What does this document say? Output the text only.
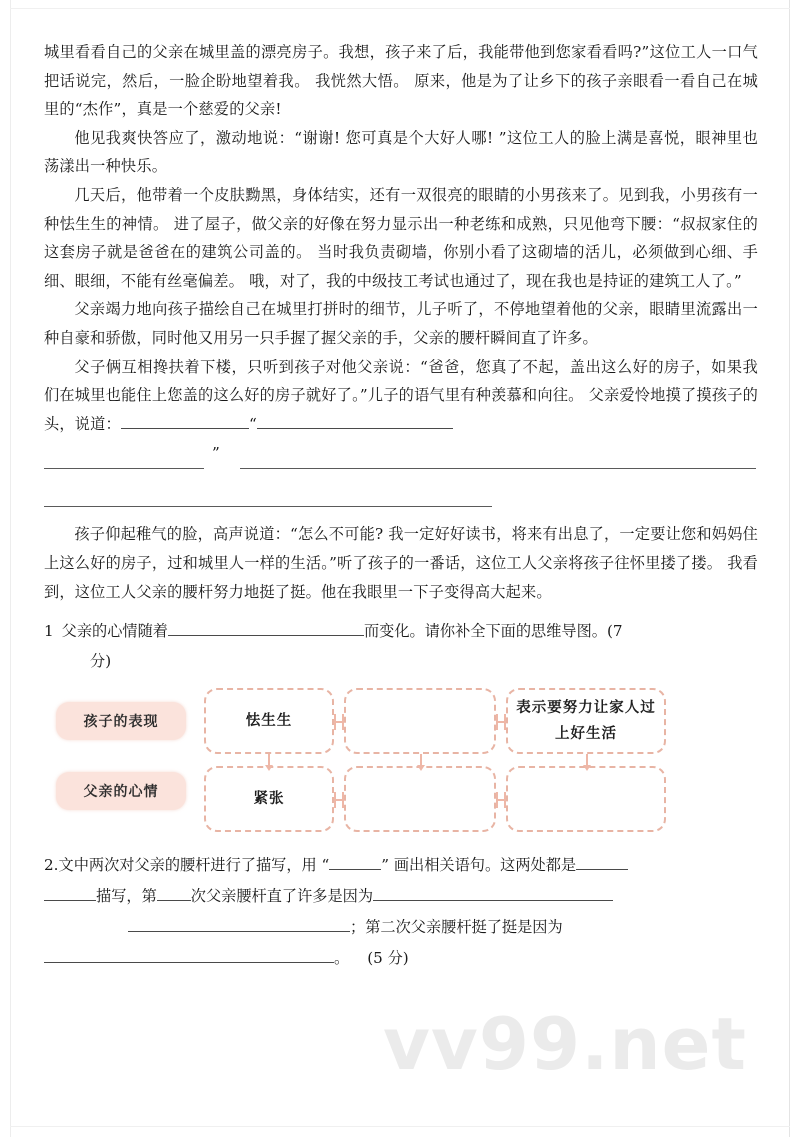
城里看看自己的父亲在城里盖的漂亮房子。我想，孩子来了后，我能带他到您家看看吗?”这位工人一口气把话说完，然后，一脸企盼地望着我。 我恍然大悟。 原来，他是为了让乡下的孩子亲眼看一看自己在城里的“杰作”，真是一个慈爱的父亲!

他见我爽快答应了，激动地说：“谢谢! 您可真是个大好人哪! ”这位工人的脸上满是喜悦，眼神里也荡漾出一种快乐。

几天后，他带着一个皮肤黝黑，身体结实，还有一双很亮的眼睛的小男孩来了。见到我，小男孩有一种怯生生的神情。 进了屋子，做父亲的好像在努力显示出一种老练和成熟，只见他弯下腰：“叔叔家住的这套房子就是爸爸在的建筑公司盖的。 当时我负责砌墙，你别小看了这砌墙的活儿，必须做到心细、手细、眼细，不能有丝毫偏差。 哦，对了，我的中级技工考试也通过了，现在我也是持证的建筑工人了。”

父亲竭力地向孩子描绘自己在城里打拼时的细节，儿子听了，不停地望着他的父亲，眼睛里流露出一种自豪和骄傲，同时他又用另一只手握了握父亲的手，父亲的腰杆瞬间直了许多。

父子俩互相搀扶着下楼，只听到孩子对他父亲说：“爸爸，您真了不起，盖出这么好的房子，如果我们在城里也能住上您盖的这么好的房子就好了。”儿子的语气里有种羡慕和向往。 父亲爱怜地摸了摸孩子的头，说道：	“

”

孩子仰起稚气的脸，高声说道：“怎么不可能? 我一定好好读书，将来有出息了，一定要让您和妈妈住上这么好的房子，过和城里人一样的生活。”听了孩子的一番话，这位工人父亲将孩子往怀里搂了搂。 我看到，这位工人父亲的腰杆努力地挺了挺。他在我眼里一下子变得高大起来。

1 父亲的心情随着	而变化。请你补全下面的思维导图。(7
分)
孩子的表现
父亲的心情
怯生生
表示要努力让家人过上好生活
紧张
2.文中两次对父亲的腰杆进行了描写，用 “	” 画出相关语句。这两处都是
描写，第 次父亲腰杆直了许多是因为
；第二次父亲腰杆挺了挺是因为
。 (5 分)
vv99.net
